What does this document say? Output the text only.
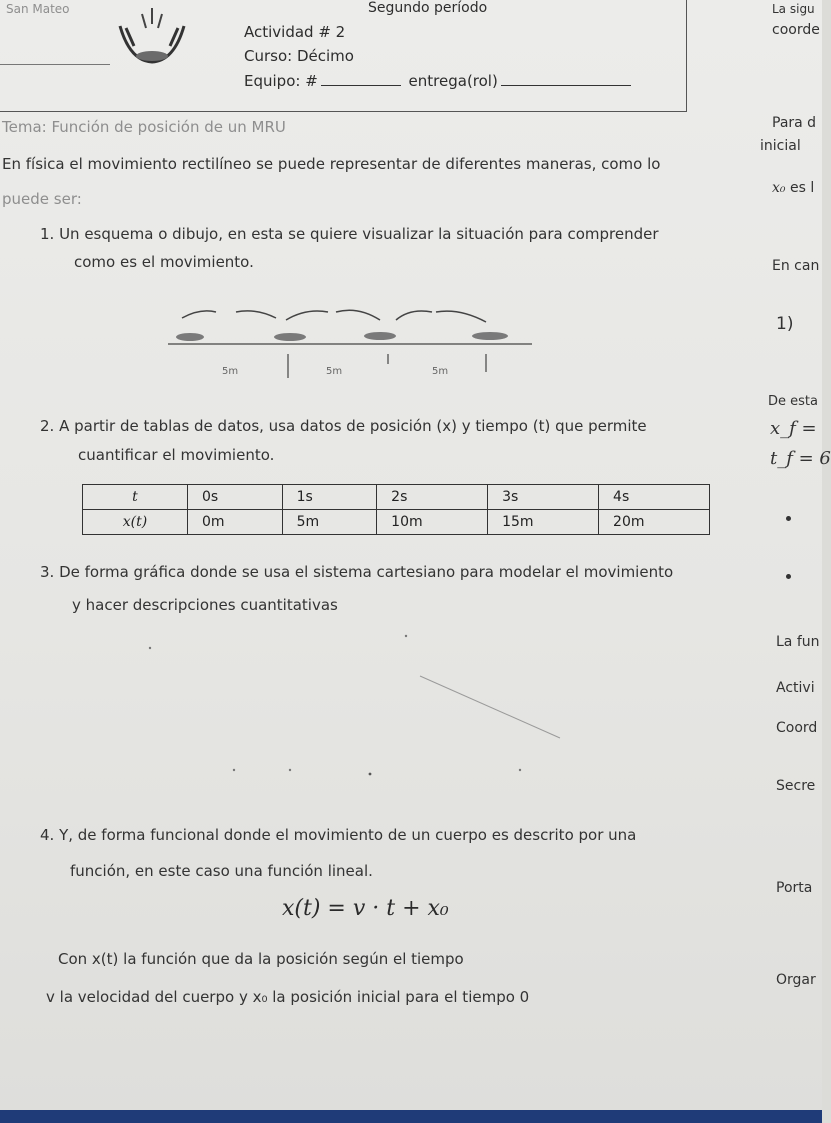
San Mateo	Segundo período
Actividad # 2
Curso: Décimo
Equipo: #	entrega(rol)
La sigu
coorde
Para d
inicial
x₀ es l
En can
1)
De esta
x_f =
t_f = 6
La fun
Activi
Coord
Secre
Porta
Orgar
Tema: Función de posición de un MRU
En física el movimiento rectilíneo se puede representar de diferentes maneras, como lo
puede ser:
1. Un esquema o dibujo, en esta se quiere visualizar la situación para comprender
como es el movimiento.
5m	5m	5m
2. A partir de tablas de datos, usa datos de posición (x) y tiempo (t) que permite
cuantificar el movimiento.
t	0s	1s	2s	3s	4s
x(t)	0m	5m	10m	15m	20m
3. De forma gráfica donde se usa el sistema cartesiano para modelar el movimiento
y hacer descripciones cuantitativas
4. Y, de forma funcional donde el movimiento de un cuerpo es descrito por una
función, en este caso una función lineal.
x(t) = v · t + x₀
Con x(t) la función que da la posición según el tiempo
v la velocidad del cuerpo y x₀ la posición inicial para el tiempo 0
